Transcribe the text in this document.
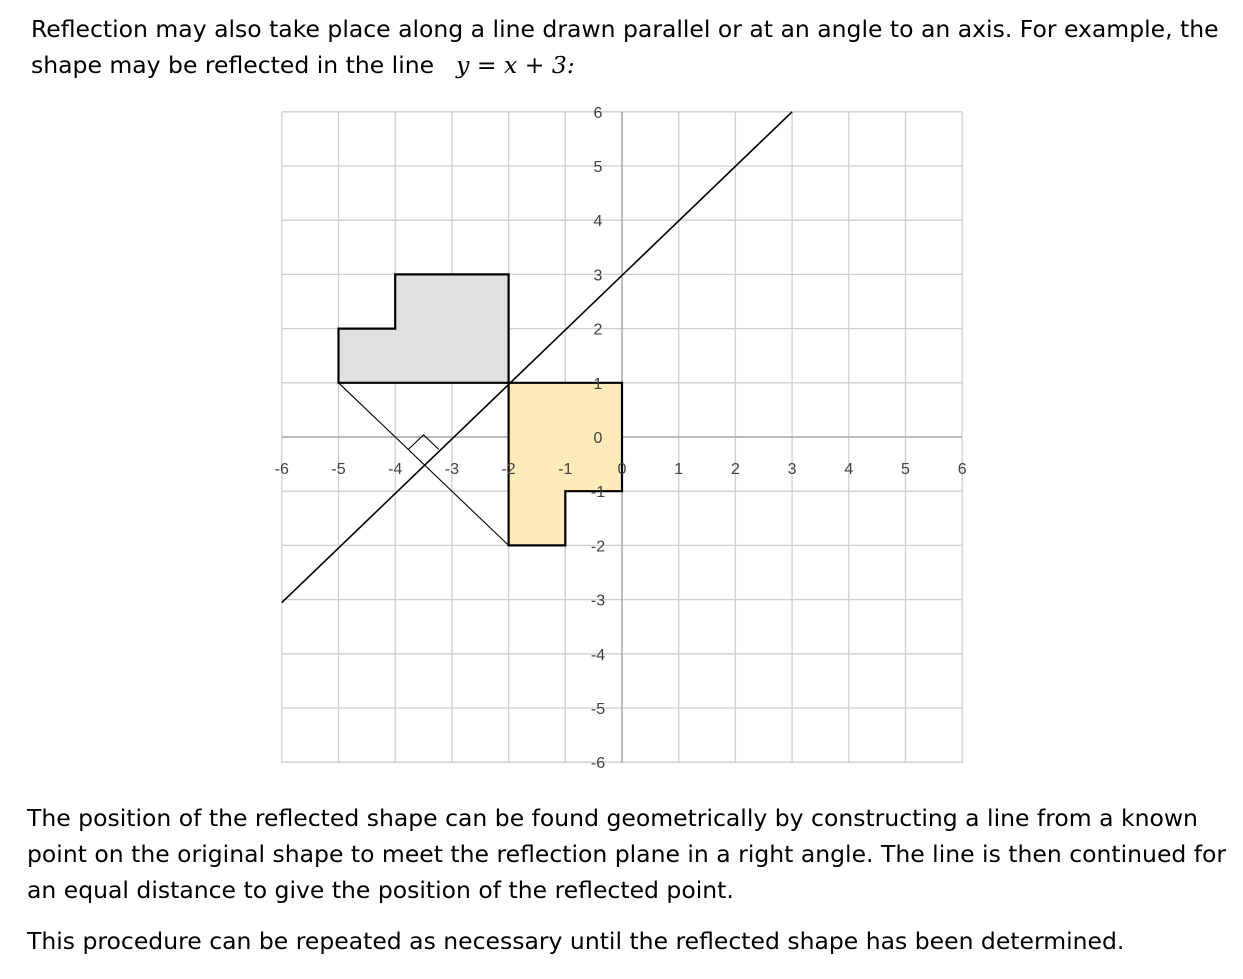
Reflection may also take place along a line drawn parallel or at an angle to an axis. For example, the shape may be reflected in the line y = x + 3:

-6	-5	-4	-3	-2	-1	0	1	2	3	4	5	6
6
5
4
3
2
1
0
-1
-2
-3
-4
-5
-6

The position of the reflected shape can be found geometrically by constructing a line from a known point on the original shape to meet the reflection plane in a right angle. The line is then continued for an equal distance to give the position of the reflected point.

This procedure can be repeated as necessary until the reflected shape has been determined.
